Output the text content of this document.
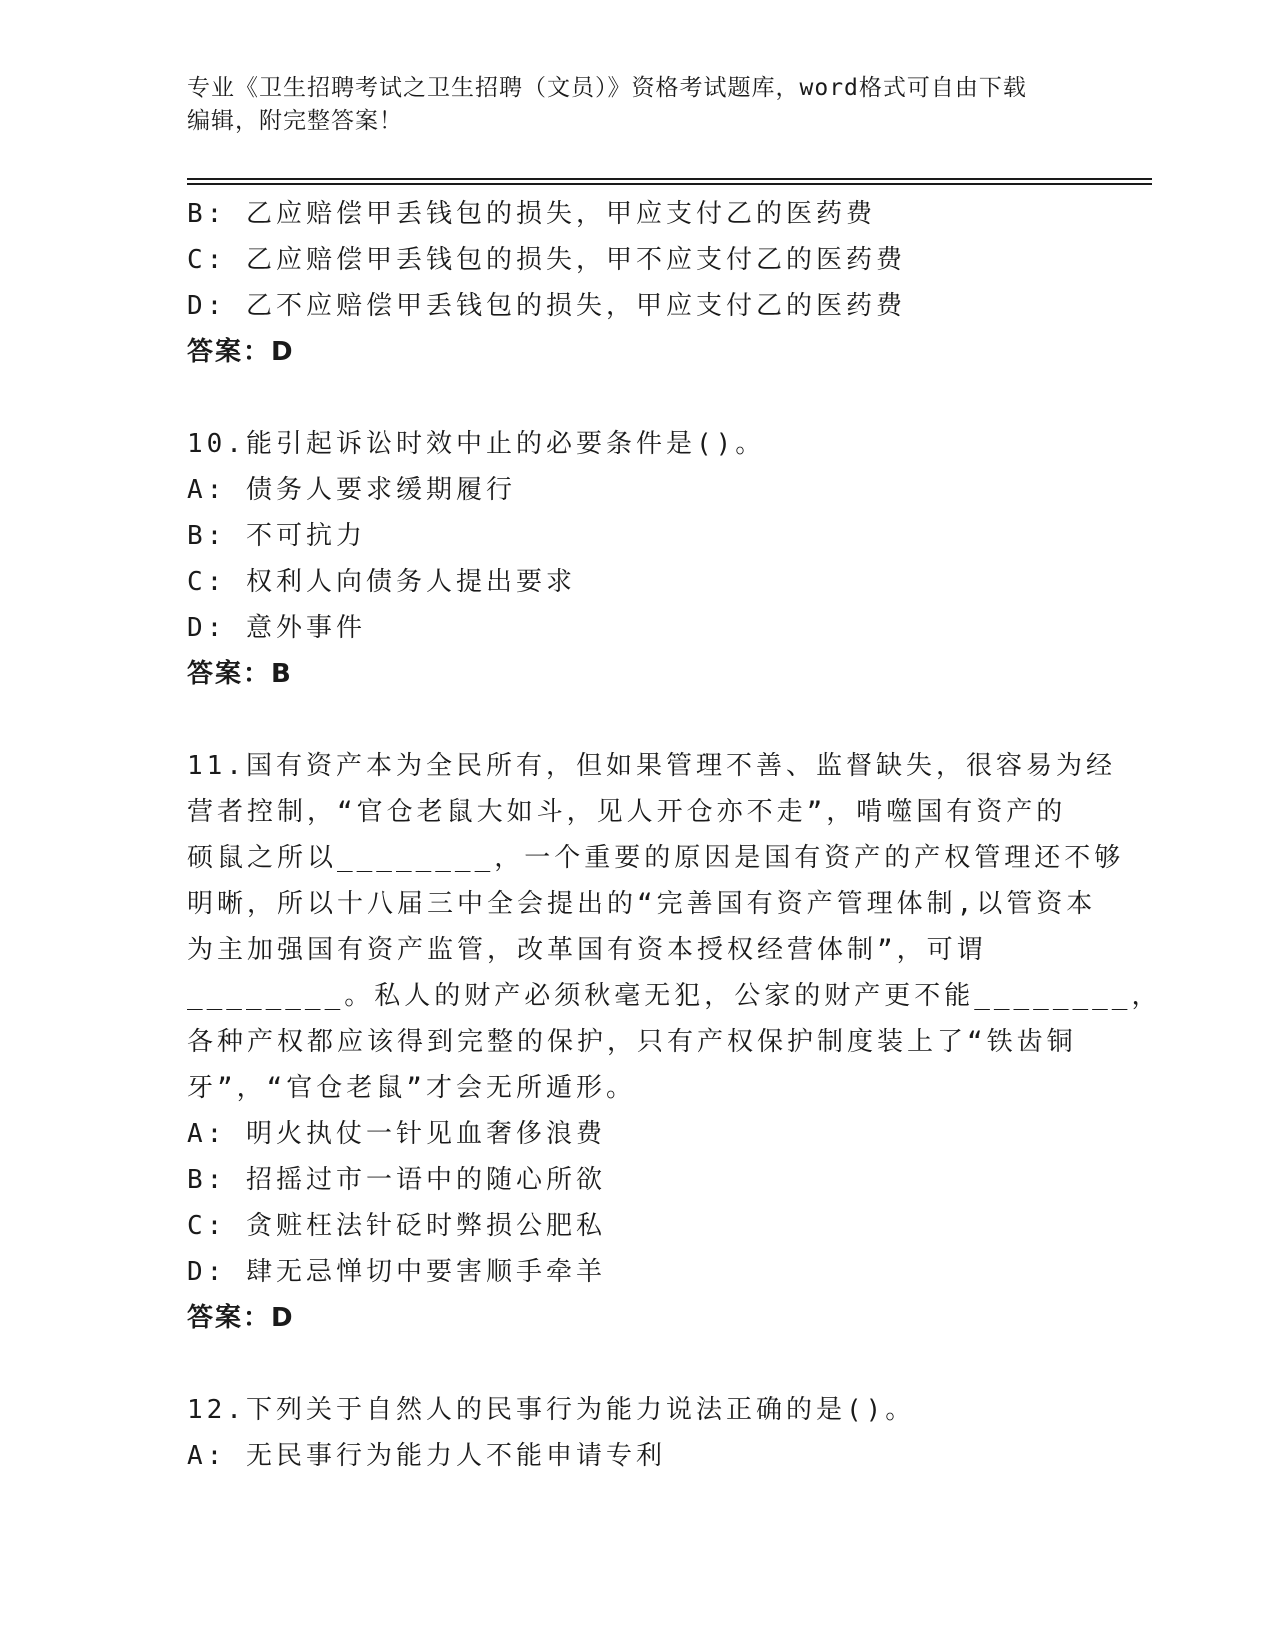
专业《卫生招聘考试之卫生招聘（文员）》资格考试题库，word格式可自由下载
编辑，附完整答案！
B: 乙应赔偿甲丢钱包的损失，甲应支付乙的医药费
C: 乙应赔偿甲丢钱包的损失，甲不应支付乙的医药费
D: 乙不应赔偿甲丢钱包的损失，甲应支付乙的医药费
答案：D
10.能引起诉讼时效中止的必要条件是()。
A: 债务人要求缓期履行
B: 不可抗力
C: 权利人向债务人提出要求
D: 意外事件
答案：B
11.国有资产本为全民所有，但如果管理不善、监督缺失，很容易为经
营者控制，“官仓老鼠大如斗，见人开仓亦不走”，啃噬国有资产的
硕鼠之所以________，一个重要的原因是国有资产的产权管理还不够
明晰，所以十八届三中全会提出的“完善国有资产管理体制,以管资本
为主加强国有资产监管，改革国有资本授权经营体制”，可谓
________。私人的财产必须秋毫无犯，公家的财产更不能________，
各种产权都应该得到完整的保护，只有产权保护制度装上了“铁齿铜
牙”，“官仓老鼠”才会无所遁形。
A: 明火执仗一针见血奢侈浪费
B: 招摇过市一语中的随心所欲
C: 贪赃枉法针砭时弊损公肥私
D: 肆无忌惮切中要害顺手牵羊
答案：D
12.下列关于自然人的民事行为能力说法正确的是()。
A: 无民事行为能力人不能申请专利
